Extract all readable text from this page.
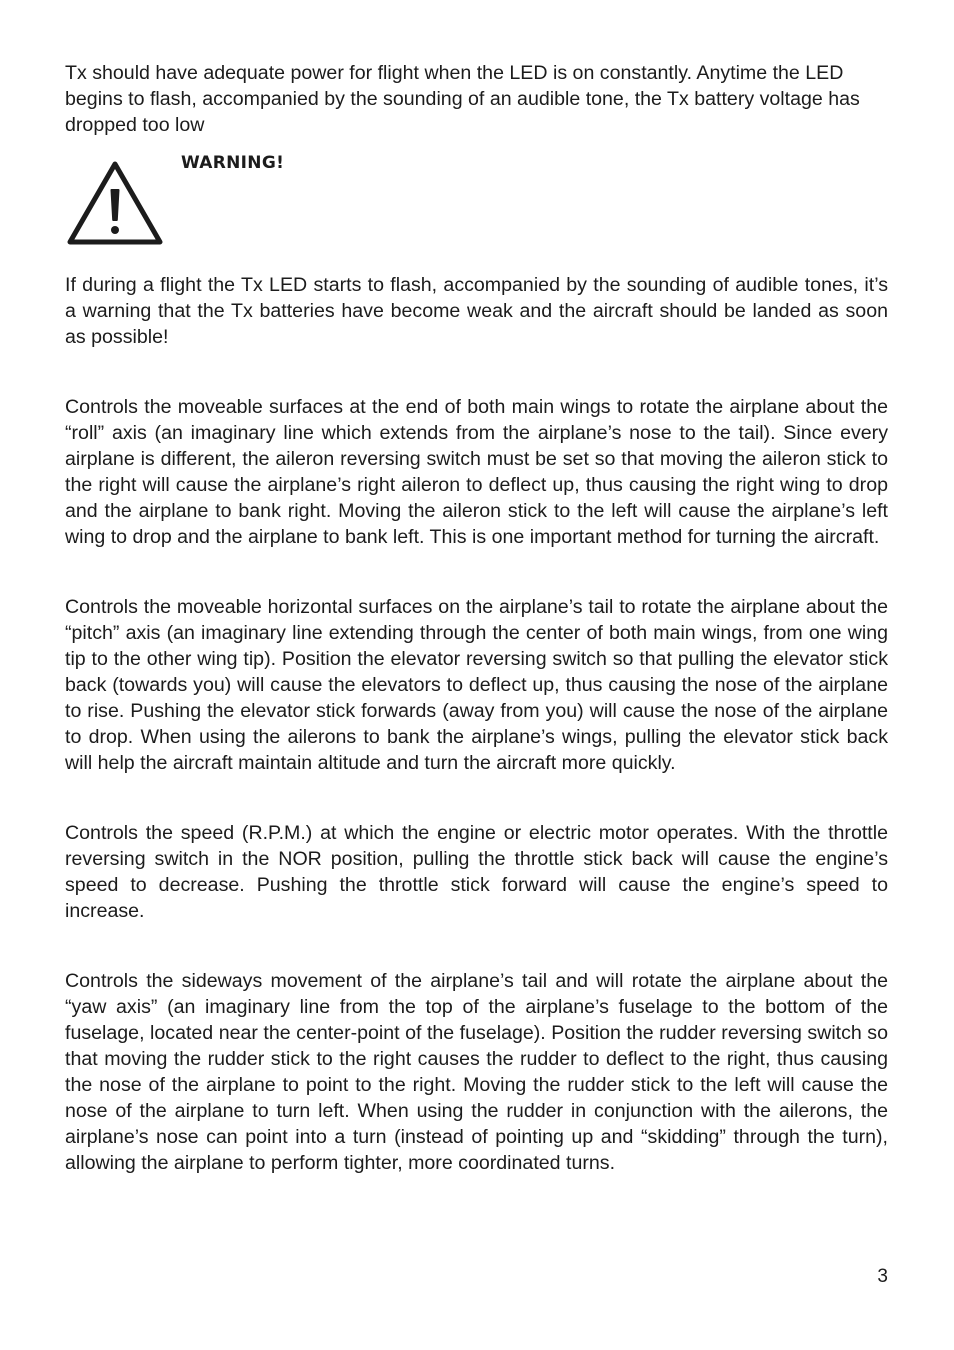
Tx should have adequate power for flight when the LED is on constantly. Anytime the LED begins to flash, accompanied by the sounding of an audible tone, the Tx battery voltage has dropped too low

WARNING!

If during a flight the Tx LED starts to flash, accompanied by the sounding of audible tones, it’s a warning that the Tx batteries have become weak and the aircraft should be landed as soon as possible!

Controls the moveable surfaces at the end of both main wings to rotate the airplane about the “roll” axis (an imaginary line which extends from the airplane’s nose to the tail). Since every airplane is different, the aileron reversing switch must be set so that moving the aileron stick to the right will cause the airplane’s right aileron to deflect up, thus causing the right wing to drop and the airplane to bank right. Moving the aileron stick to the left will cause the airplane’s left wing to drop and the airplane to bank left. This is one important method for turning the aircraft.

Controls the moveable horizontal surfaces on the airplane’s tail to rotate the airplane about the “pitch” axis (an imaginary line extending through the center of both main wings, from one wing tip to the other wing tip). Position the elevator reversing switch so that pulling the elevator stick back (towards you) will cause the elevators to deflect up, thus causing the nose of the airplane to rise. Pushing the elevator stick forwards (away from you) will cause the nose of the airplane to drop. When using the ailerons to bank the airplane’s wings, pulling the elevator stick back will help the aircraft maintain altitude and turn the aircraft more quickly.

Controls the speed (R.P.M.) at which the engine or electric motor operates. With the throttle reversing switch in the NOR position, pulling the throttle stick back will cause the engine’s speed to decrease. Pushing the throttle stick forward will cause the engine’s speed to increase.

Controls the sideways movement of the airplane’s tail and will rotate the airplane about the “yaw axis” (an imaginary line from the top of the airplane’s fuselage to the bottom of the fuselage, located near the center-point of the fuselage). Position the rudder reversing switch so that moving the rudder stick to the right causes the rudder to deflect to the right, thus causing the nose of the airplane to point to the right. Moving the rudder stick to the left will cause the nose of the airplane to turn left. When using the rudder in conjunction with the ailerons, the airplane’s nose can point into a turn (instead of pointing up and “skidding” through the turn), allowing the airplane to perform tighter, more coordinated turns.

3
